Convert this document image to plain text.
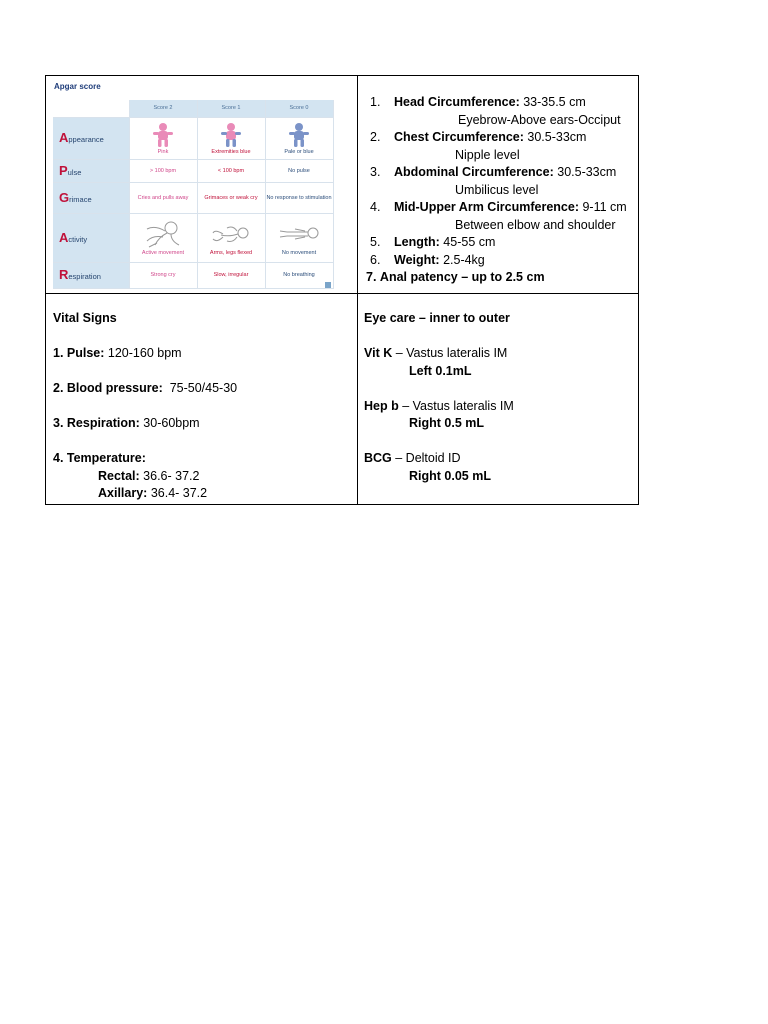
Apgar score
	Score 2	Score 1	Score 0
Appearance	Pink	Extremities blue	Pale or blue
Pulse	> 100 bpm	< 100 bpm	No pulse
Grimace	Cries and pulls away	Grimaces or weak cry	No response to stimulation
Activity	Active movement	Arms, legs flexed	No movement
Respiration	Strong cry	Slow, irregular	No breathing
1. Head Circumference: 33-35.5 cm
Eyebrow-Above ears-Occiput
2. Chest Circumference: 30.5-33cm
Nipple level
3. Abdominal Circumference: 30.5-33cm
Umbilicus level
4. Mid-Upper Arm Circumference: 9-11 cm
Between elbow and shoulder
5. Length: 45-55 cm
6. Weight: 2.5-4kg
7. Anal patency – up to 2.5 cm
Vital Signs
1. Pulse: 120-160 bpm
2. Blood pressure:  75-50/45-30
3. Respiration: 30-60bpm
4. Temperature:
Rectal: 36.6- 37.2
Axillary: 36.4- 37.2
Eye care – inner to outer
Vit K – Vastus lateralis IM
Left 0.1mL
Hep b – Vastus lateralis IM
Right 0.5 mL
BCG – Deltoid ID
Right 0.05 mL
